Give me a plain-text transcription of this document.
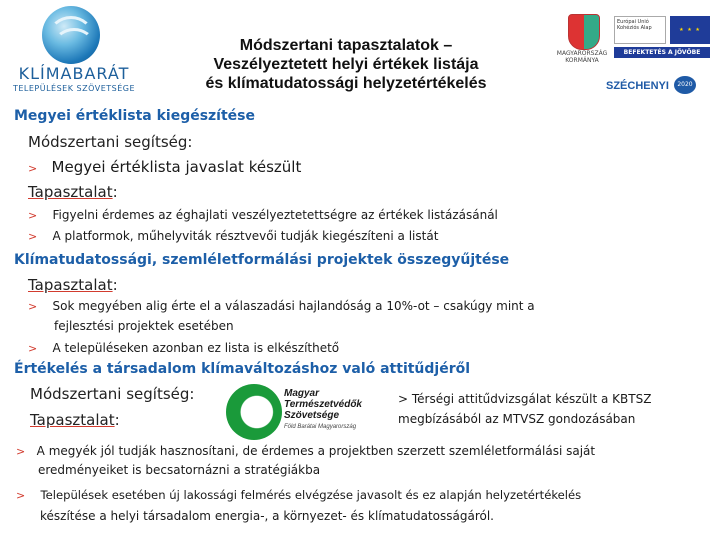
KLÍMABARÁT
TELEPÜLÉSEK SZÖVETSÉGE
Módszertani tapasztalatok –
Veszélyeztetett helyi értékek listája
és klímatudatossági helyzetértékelés
MAGYARORSZÁG KORMÁNYA
Európai Unió Kohéziós Alap	★ ★ ★
BEFEKTETÉS A JÖVŐBE
SZÉCHENYI	2020
Megyei értéklista kiegészítése
Módszertani segítség:
> Megyei értéklista javaslat készült
Tapasztalat:
> Figyelni érdemes az éghajlati veszélyeztetettségre az értékek listázásánál
> A platformok, műhelyviták résztvevői tudják kiegészíteni a listát
Klímatudatossági, szemléletformálási projektek összegyűjtése
Tapasztalat:
> Sok megyében alig érte el a válaszadási hajlandóság a 10%-ot – csakúgy mint a
fejlesztési projektek esetében
> A településeken azonban ez lista is elkészíthető
Értékelés a társadalom klímaváltozáshoz való attitűdjéről
Módszertani segítség:
Tapasztalat:
Magyar
Természetvédők
Szövetsége
Föld Barátai Magyarország
> Térségi attitűdvizsgálat készült a KBTSZ
megbízásából az MTVSZ gondozásában
> A megyék jól tudják hasznosítani, de érdemes a projektben szerzett szemléletformálási saját
eredményeiket is becsatornázni a stratégiákba
> Települések esetében új lakossági felmérés elvégzése javasolt és ez alapján helyzetértékelés
készítése a helyi társadalom energia-, a környezet- és klímatudatosságáról.
